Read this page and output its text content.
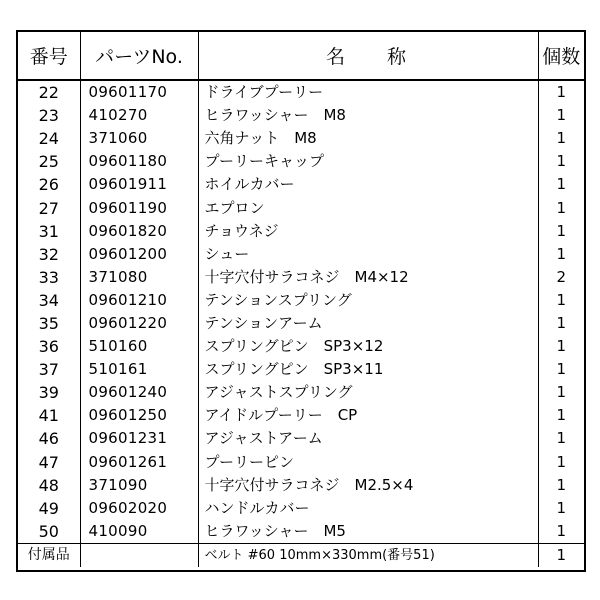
番号	パーツNo.	名 称	個数
22	09601170	ドライブプーリー	1
23	410270	ヒラワッシャー　M8	1
24	371060	六角ナット　M8	1
25	09601180	プーリーキャップ	1
26	09601911	ホイルカバー	1
27	09601190	エプロン	1
31	09601820	チョウネジ	1
32	09601200	シュー	1
33	371080	十字穴付サラコネジ　M4×12	2
34	09601210	テンションスプリング	1
35	09601220	テンションアーム	1
36	510160	スプリングピン　SP3×12	1
37	510161	スプリングピン　SP3×11	1
39	09601240	アジャストスプリング	1
41	09601250	アイドルプーリー　CP	1
46	09601231	アジャストアーム	1
47	09601261	プーリーピン	1
48	371090	十字穴付サラコネジ　M2.5×4	1
49	09602020	ハンドルカバー	1
50	410090	ヒラワッシャー　M5	1
付属品		ベルト #60 10mm×330mm(番号51)	1
